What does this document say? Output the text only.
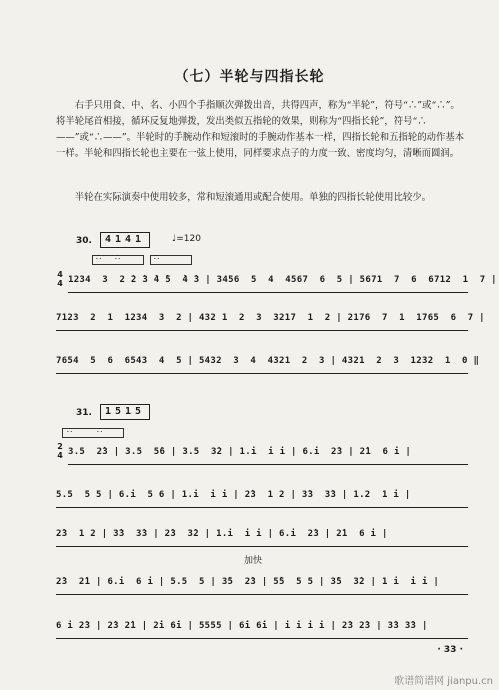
（七）半轮与四指长轮
右手只用食、中、名、小四个手指顺次弹拨出音，共得四声，称为“半轮”，符号“∴”或“∴”。将半轮尾首相接，循环反复地弹拨，发出类似五指轮的效果，则称为“四指长轮”，符号“∴——”或“∴——”。半轮时的手腕动作和短滚时的手腕动作基本一样，四指长轮和五指轮的动作基本一样。半轮和四指长轮也主要在一弦上使用，同样要求点子的力度一致、密度均匀，清晰而圆润。
半轮在实际演奏中使用较多，常和短滚通用或配合使用。单独的四指长轮使用比较少。
30.	4141	♩=120
∴ ∴	∴
4
4 1234  3  2 ̇2 ̇3 ̇4 ̇5  ̇4 ̇3 | 3456  5  4  4567  6  5 | 5671  7  6  6712  1  7 |
7123  2  1  1234  3  2 | 432 1  2  3  3217  1  2 | 2176  7  1  1765  6  7 |
7654  5  6  6543  4  5 | 5432  3  4  4321  2  3 | 4321  2  3  1232  1  0 ‖
31.	1515
∴	∴
2
4 3.5  2̇3 | 3.5  5̇6 | 3.5  3̇2 | 1.i  i i | 6.i  2̇3 | 2̇1  6 i |
5.5  5 5 | 6.i  5 6 | 1.i  i i | 2̇3  1 2 | 3̇3  3̇3 | 1.2  1 i |
2̇3  1 2 | 3̇3  3̇3 | 2̇3  3̇2 | 1.i  i i | 6.i  2̇3 | 2̇1  6 i |
加快
2̇3  2̇1 | 6.i  6 i | 5.5  5 | 3̇5  2̇3 | 5̇5  5 5 | 3̇5  3̇2 | 1 i  i i |
6 i 2̇3 | 2̇3 2̇1 | 2̇i 6̇i | 5555 | 6̇i 6̇i | i i i i | 2̇3 2̇3 | 3̇3 3̇3 |
· 33 ·
歌谱简谱网 jianpu.cn
